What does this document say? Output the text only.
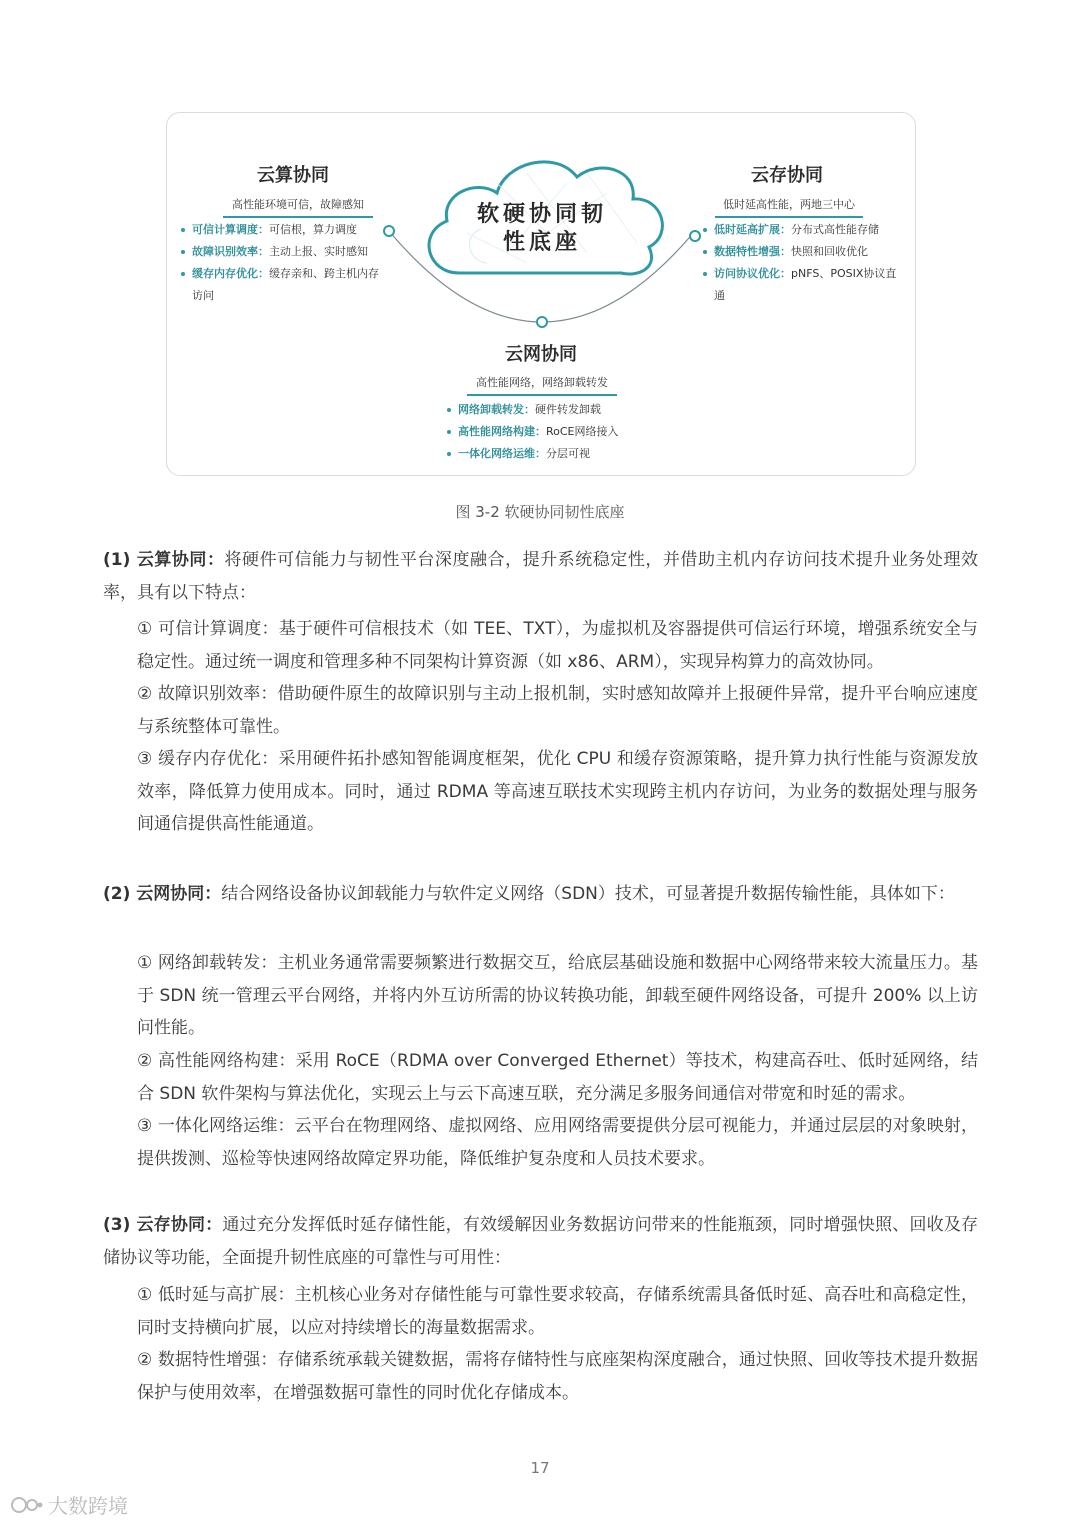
软硬协同韧性底座
云算协同
高性能环境可信，故障感知
可信计算调度：可信根，算力调度
故障识别效率：主动上报、实时感知
缓存内存优化：缓存亲和、跨主机内存访问
云存协同
低时延高性能，两地三中心
低时延高扩展：分布式高性能存储
数据特性增强：快照和回收优化
访问协议优化：pNFS、POSIX协议直通
云网协同
高性能网络，网络卸载转发
网络卸载转发：硬件转发卸载
高性能网络构建：RoCE网络接入
一体化网络运维：分层可视
图 3-2 软硬协同韧性底座

(1) 云算协同：将硬件可信能力与韧性平台深度融合，提升系统稳定性，并借助主机内存访问技术提升业务处理效率，具有以下特点：

① 可信计算调度：基于硬件可信根技术（如 TEE、TXT），为虚拟机及容器提供可信运行环境，增强系统安全与稳定性。通过统一调度和管理多种不同架构计算资源（如 x86、ARM），实现异构算力的高效协同。

② 故障识别效率：借助硬件原生的故障识别与主动上报机制，实时感知故障并上报硬件异常，提升平台响应速度与系统整体可靠性。

③ 缓存内存优化：采用硬件拓扑感知智能调度框架，优化 CPU 和缓存资源策略，提升算力执行性能与资源发放效率，降低算力使用成本。同时，通过 RDMA 等高速互联技术实现跨主机内存访问，为业务的数据处理与服务间通信提供高性能通道。

(2) 云网协同：结合网络设备协议卸载能力与软件定义网络（SDN）技术，可显著提升数据传输性能，具体如下：

① 网络卸载转发：主机业务通常需要频繁进行数据交互，给底层基础设施和数据中心网络带来较大流量压力。基于 SDN 统一管理云平台网络，并将内外互访所需的协议转换功能，卸载至硬件网络设备，可提升 200% 以上访问性能。

② 高性能网络构建：采用 RoCE（RDMA over Converged Ethernet）等技术，构建高吞吐、低时延网络，结合 SDN 软件架构与算法优化，实现云上与云下高速互联，充分满足多服务间通信对带宽和时延的需求。

③ 一体化网络运维：云平台在物理网络、虚拟网络、应用网络需要提供分层可视能力，并通过层层的对象映射，提供拨测、巡检等快速网络故障定界功能，降低维护复杂度和人员技术要求。

(3) 云存协同：通过充分发挥低时延存储性能，有效缓解因业务数据访问带来的性能瓶颈，同时增强快照、回收及存储协议等功能，全面提升韧性底座的可靠性与可用性：

① 低时延与高扩展：主机核心业务对存储性能与可靠性要求较高，存储系统需具备低时延、高吞吐和高稳定性，同时支持横向扩展，以应对持续增长的海量数据需求。

② 数据特性增强：存储系统承载关键数据，需将存储特性与底座架构深度融合，通过快照、回收等技术提升数据保护与使用效率，在增强数据可靠性的同时优化存储成本。

17
大数跨境
